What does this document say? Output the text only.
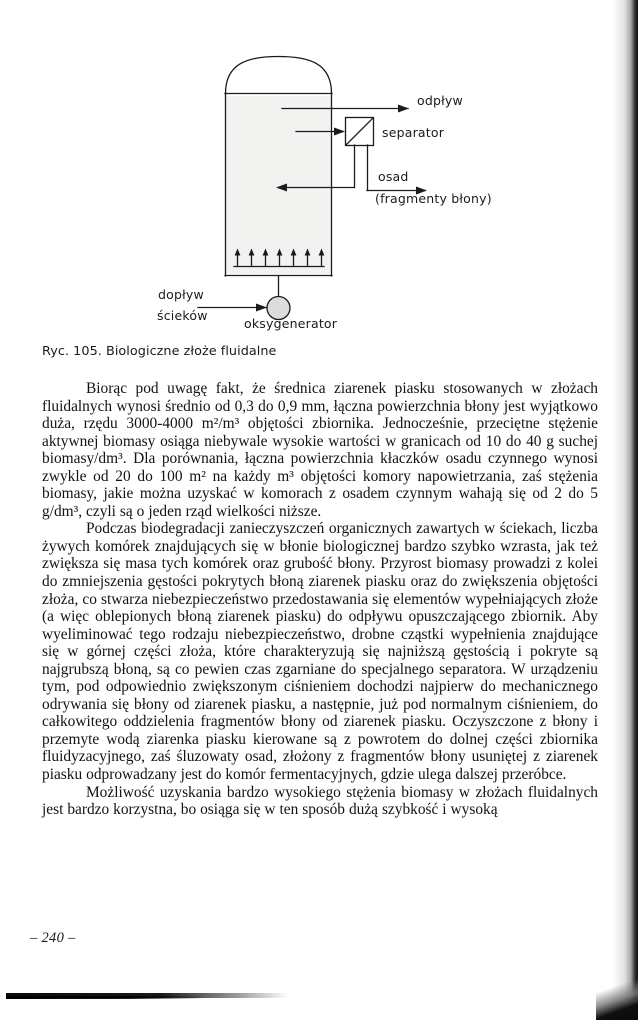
odpływ
separator
osad
(fragmenty błony)
dopływ
ścieków
oksygenerator
Ryc. 105. Biologiczne złoże fluidalne

Biorąc pod uwagę fakt, że średnica ziarenek piasku stosowanych w złożach fluidalnych wynosi średnio od 0,3 do 0,9 mm, łączna powierzchnia błony jest wyjątkowo duża, rzędu 3000-4000 m²/m³ objętości zbiornika. Jednocześnie, przeciętne stężenie aktywnej biomasy osiąga niebywale wysokie wartości w granicach od 10 do 40 g suchej biomasy/dm³. Dla porównania, łączna powierzchnia kłaczków osadu czynnego wynosi zwykle od 20 do 100 m² na każdy m³ objętości komory napowietrzania, zaś stężenia biomasy, jakie można uzyskać w komorach z osadem czynnym wahają się od 2 do 5 g/dm³, czyli są o jeden rząd wielkości niższe.

Podczas biodegradacji zanieczyszczeń organicznych zawartych w ściekach, liczba żywych komórek znajdujących się w błonie biologicznej bardzo szybko wzrasta, jak też zwiększa się masa tych komórek oraz grubość błony. Przyrost biomasy prowadzi z kolei do zmniejszenia gęstości pokrytych błoną ziarenek piasku oraz do zwiększenia objętości złoża, co stwarza niebezpieczeństwo przedostawania się elementów wypełniających złoże (a więc oblepionych błoną ziarenek piasku) do odpływu opuszczającego zbiornik. Aby wyeliminować tego rodzaju niebezpieczeństwo, drobne cząstki wypełnienia znajdujące się w górnej części złoża, które charakteryzują się najniższą gęstością i pokryte są najgrubszą błoną, są co pewien czas zgarniane do specjalnego separatora. W urządzeniu tym, pod odpowiednio zwiększonym ciśnieniem dochodzi najpierw do mechanicznego odrywania się błony od ziarenek piasku, a następnie, już pod normalnym ciśnieniem, do całkowitego oddzielenia fragmentów błony od ziarenek piasku. Oczyszczone z błony i przemyte wodą ziarenka piasku kierowane są z powrotem do dolnej części zbiornika fluidyzacyjnego, zaś śluzowaty osad, złożony z fragmentów błony usuniętej z ziarenek piasku odprowadzany jest do komór fermentacyjnych, gdzie ulega dalszej przeróbce.

Możliwość uzyskania bardzo wysokiego stężenia biomasy w złożach fluidalnych jest bardzo korzystna, bo osiąga się w ten sposób dużą szybkość i wysoką

– 240 –
